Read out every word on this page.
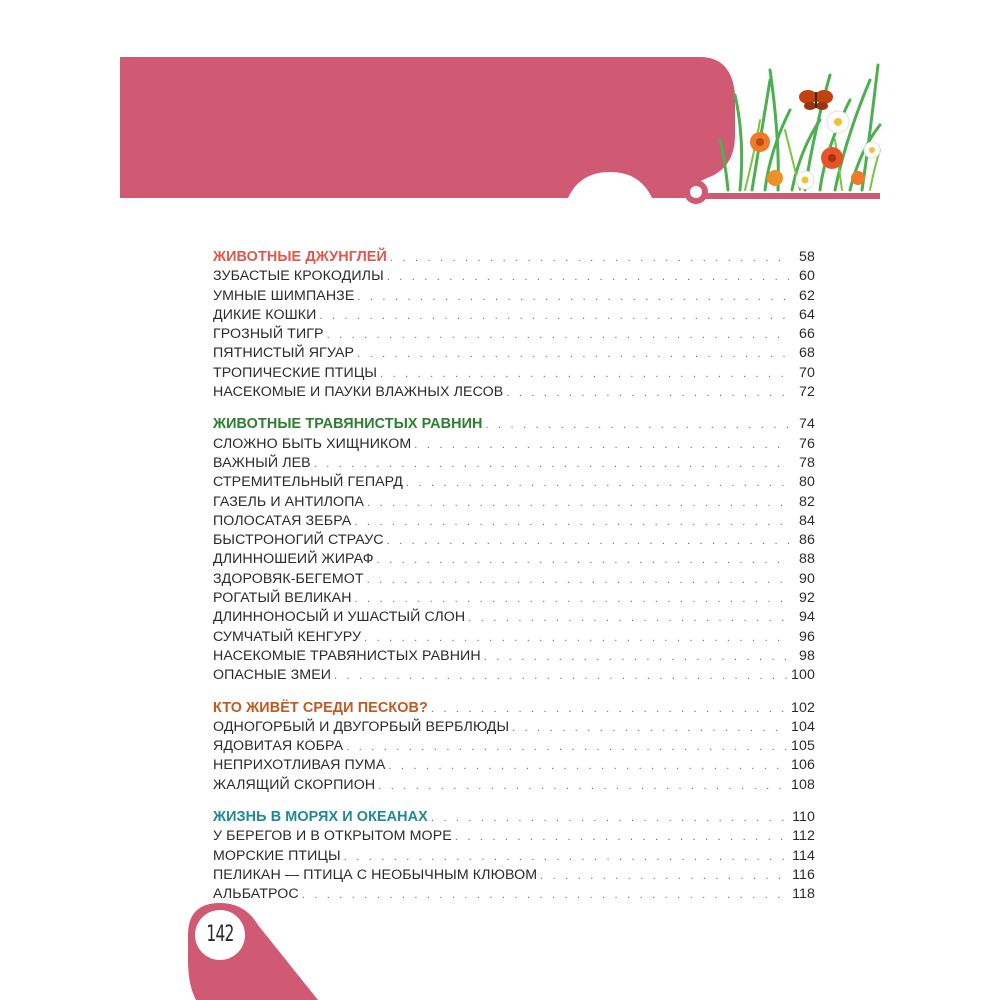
ЖИВОТНЫЕ ДЖУНГЛЕЙ . . .	58
ЗУБАСТЫЕ КРОКОДИЛЫ . . .	60
УМНЫЕ ШИМПАНЗЕ . . .	62
ДИКИЕ КОШКИ . . .	64
ГРОЗНЫЙ ТИГР . . .	66
ПЯТНИСТЫЙ ЯГУАР . . .	68
ТРОПИЧЕСКИЕ ПТИЦЫ . . .	70
НАСЕКОМЫЕ И ПАУКИ ВЛАЖНЫХ ЛЕСОВ . . .	72
ЖИВОТНЫЕ ТРАВЯНИСТЫХ РАВНИН . . .	74
СЛОЖНО БЫТЬ ХИЩНИКОМ . . .	76
ВАЖНЫЙ ЛЕВ . . .	78
СТРЕМИТЕЛЬНЫЙ ГЕПАРД . . .	80
ГАЗЕЛЬ И АНТИЛОПА . . .	82
ПОЛОСАТАЯ ЗЕБРА . . .	84
БЫСТРОНОГИЙ СТРАУС . . .	86
ДЛИННОШЕИЙ ЖИРАФ . . .	88
ЗДОРОВЯК-БЕГЕМОТ . . .	90
РОГАТЫЙ ВЕЛИКАН . . .	92
ДЛИННОНОСЫЙ И УШАСТЫЙ СЛОН . . .	94
СУМЧАТЫЙ КЕНГУРУ . . .	96
НАСЕКОМЫЕ ТРАВЯНИСТЫХ РАВНИН . . .	98
ОПАСНЫЕ ЗМЕИ . . .	100
КТО ЖИВЁТ СРЕДИ ПЕСКОВ? . . .	102
ОДНОГОРБЫЙ И ДВУГОРБЫЙ ВЕРБЛЮДЫ . . .	104
ЯДОВИТАЯ КОБРА . . .	105
НЕПРИХОТЛИВАЯ ПУМА . . .	106
ЖАЛЯЩИЙ СКОРПИОН . . .	108
ЖИЗНЬ В МОРЯХ И ОКЕАНАХ . . .	110
У БЕРЕГОВ И В ОТКРЫТОМ МОРЕ . . .	112
МОРСКИЕ ПТИЦЫ . . .	114
ПЕЛИКАН — ПТИЦА С НЕОБЫЧНЫМ КЛЮВОМ . . .	116
АЛЬБАТРОС . . .	118
142
